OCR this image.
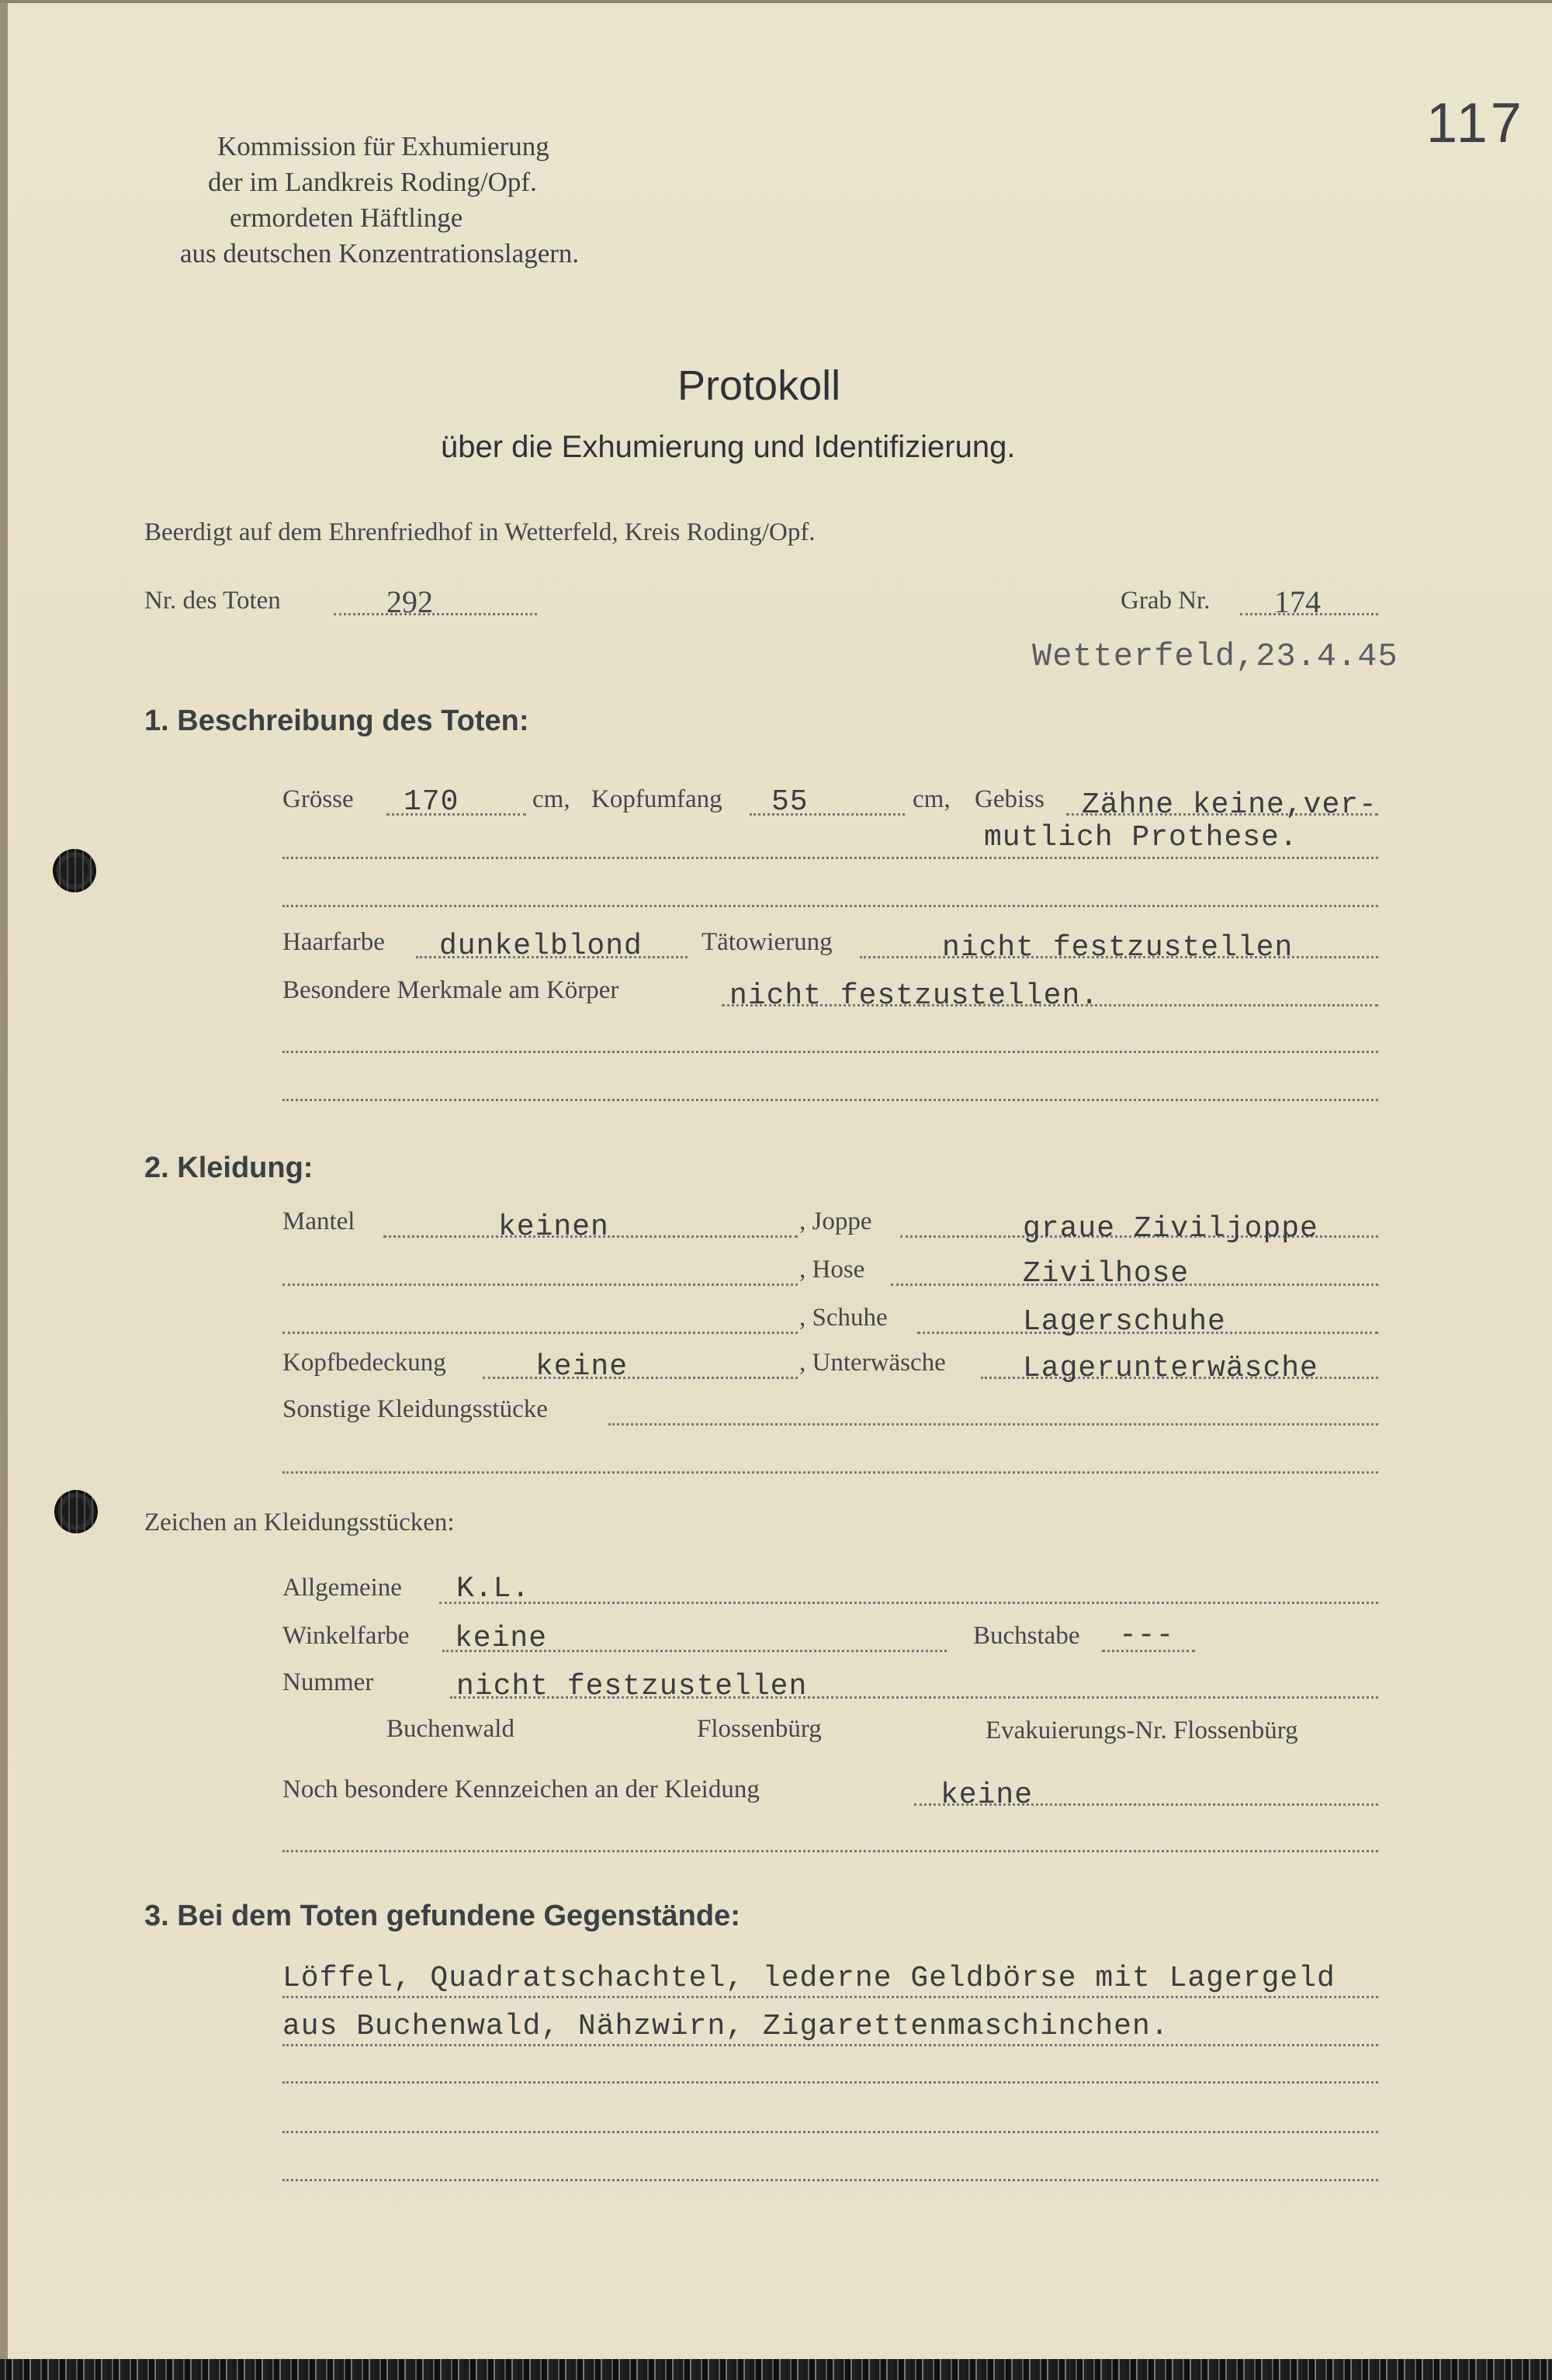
Kommission für Exhumierung
der im Landkreis Roding/Opf.
ermordeten Häftlinge
aus deutschen Konzentrationslagern.
117
Protokoll
über die Exhumierung und Identifizierung.
Beerdigt auf dem Ehrenfriedhof in Wetterfeld, Kreis Roding/Opf.
Nr. des Toten	292	Grab Nr. 174
Wetterfeld,23.4.45
1. Beschreibung des Toten:
Grösse 170	cm, Kopfumfang 55	cm, Gebiss Zähne keine,ver-
mutlich Prothese.
Haarfarbe dunkelblond Tätowierung	nicht festzustellen
Besondere Merkmale am Körper	nicht festzustellen.
2. Kleidung:
Mantel	keinen	, Joppe	graue Ziviljoppe
, Hose	Zivilhose
, Schuhe	Lagerschuhe
Kopfbedeckung	keine	, Unterwäsche	Lagerunterwäsche
Sonstige Kleidungsstücke
Zeichen an Kleidungsstücken:
Allgemeine K.L.
Winkelfarbe keine	Buchstabe ---
Nummer	nicht festzustellen
Buchenwald	Flossenbürg	Evakuierungs-Nr. Flossenbürg
Noch besondere Kennzeichen an der Kleidung	keine
3. Bei dem Toten gefundene Gegenstände:
Löffel, Quadratschachtel, lederne Geldbörse mit Lagergeld
aus Buchenwald, Nähzwirn, Zigarettenmaschinchen.
